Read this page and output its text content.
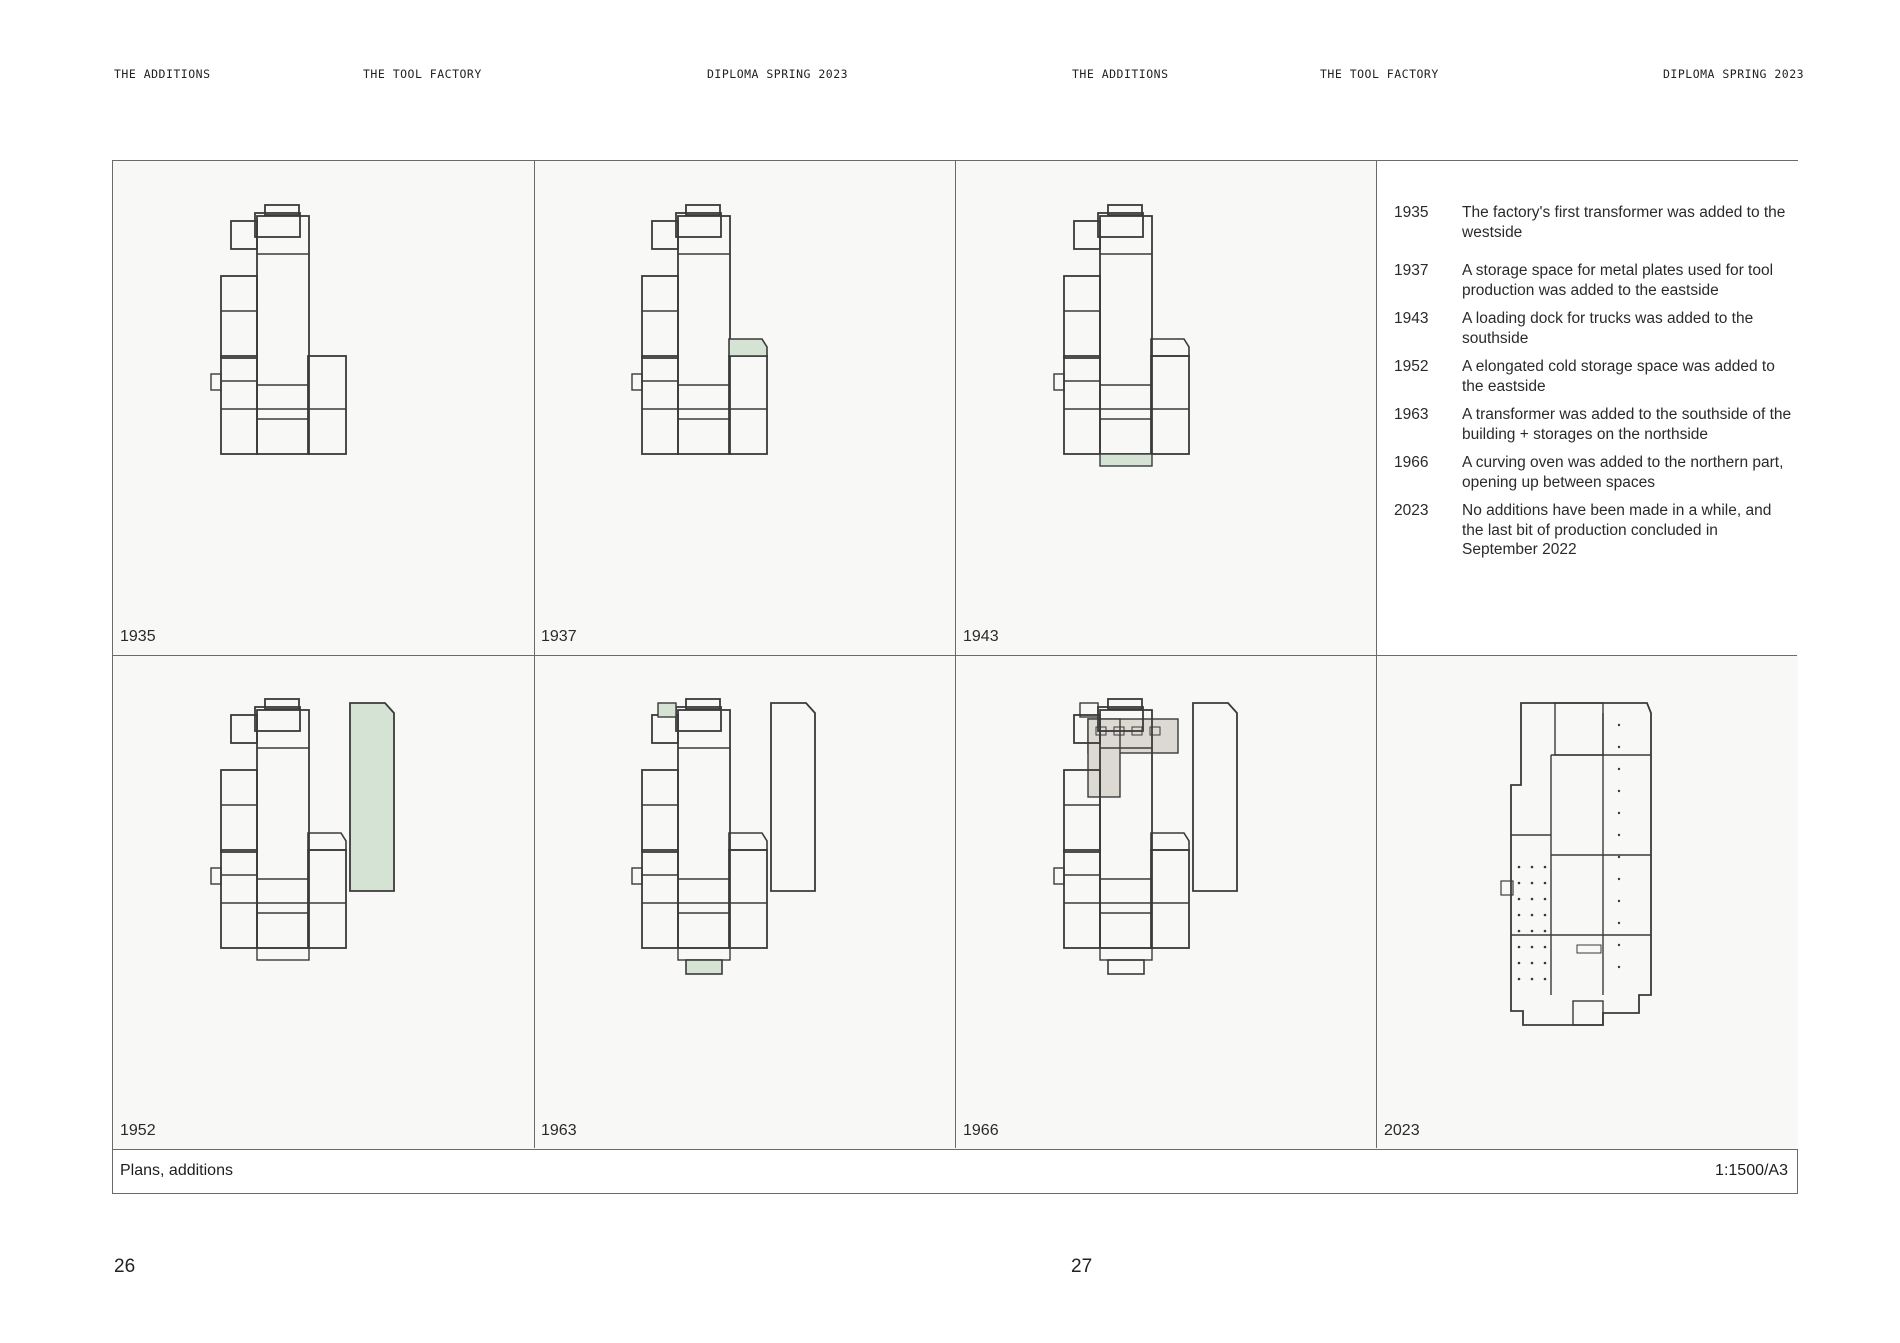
THE ADDITIONS	THE TOOL FACTORY	DIPLOMA SPRING 2023	THE ADDITIONS	THE TOOL FACTORY	DIPLOMA SPRING 2023
1935	1937	1943
1935	The factory's first transformer was added to the westside
1937	A storage space for metal plates used for tool production was added to the eastside
1943	A loading dock for trucks was added to the southside
1952	A elongated cold storage space was added to the eastside
1963	A transformer was added to the southside of the building + storages on the northside
1966	A curving oven was added to the northern part, opening up between spaces
2023	No additions have been made in a while, and the last bit of production concluded in September 2022
1952	1963	1966	2023
Plans, additions	1:1500/A3
26	27
